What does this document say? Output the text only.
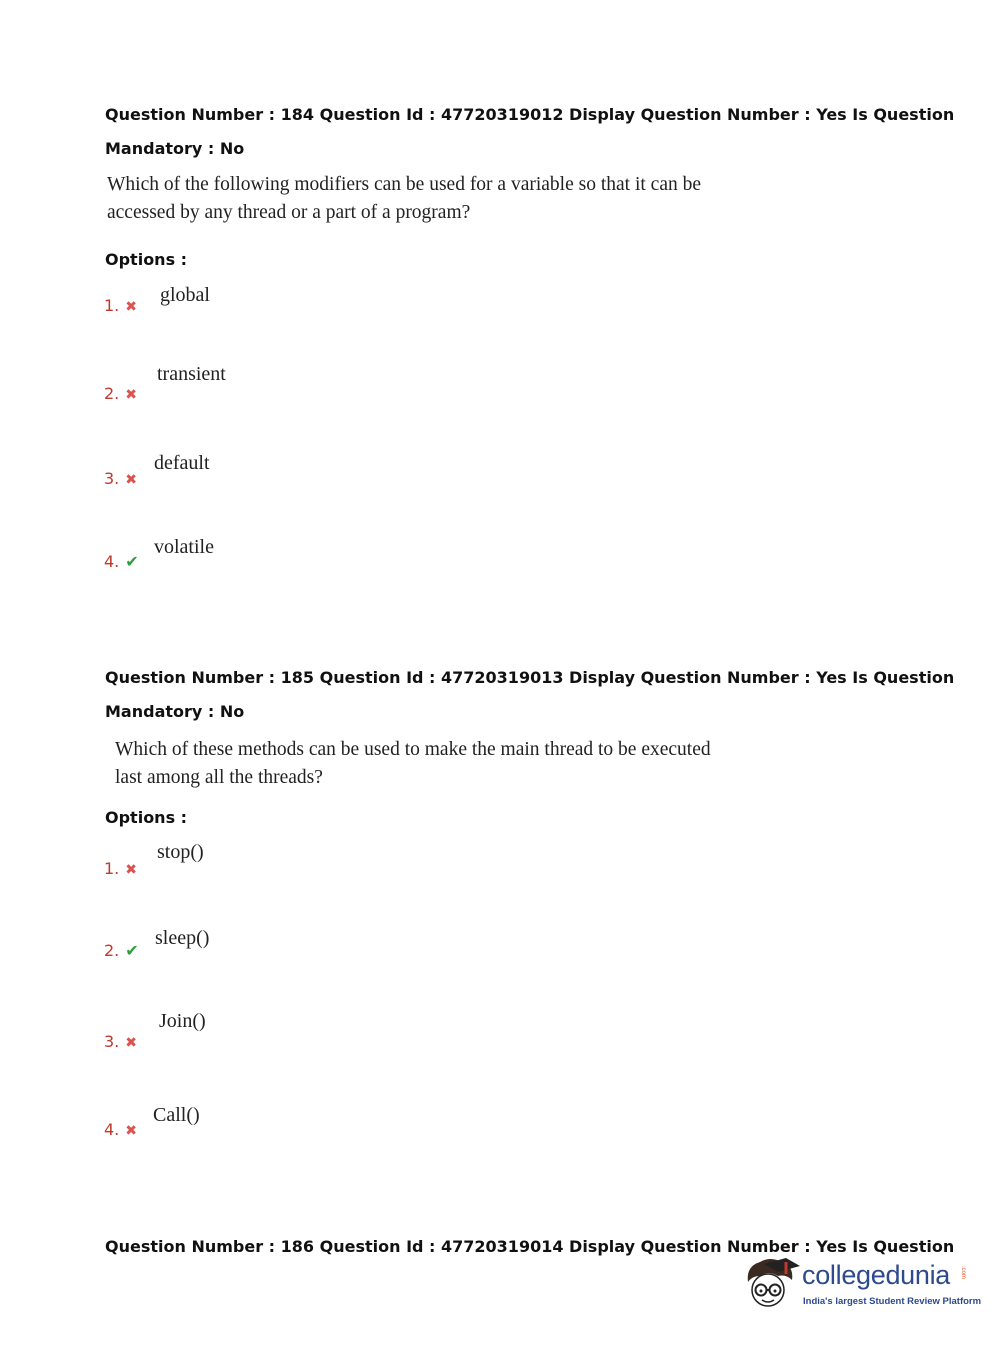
Question Number : 184 Question Id : 47720319012 Display Question Number : Yes Is Question
Mandatory : No
Which of the following modifiers can be used for a variable so that it can be
accessed by any thread or a part of a program?
Options :
1. ✖
global
2. ✖
transient
3. ✖
default
4. ✔
volatile
Question Number : 185 Question Id : 47720319013 Display Question Number : Yes Is Question
Mandatory : No
Which of these methods can be used to make the main thread to be executed
last among all the threads?
Options :
1. ✖
stop()
2. ✔
sleep()
3. ✖
Join()
4. ✖
Call()
Question Number : 186 Question Id : 47720319014 Display Question Number : Yes Is Question
collegedunia .com
India's largest Student Review Platform
